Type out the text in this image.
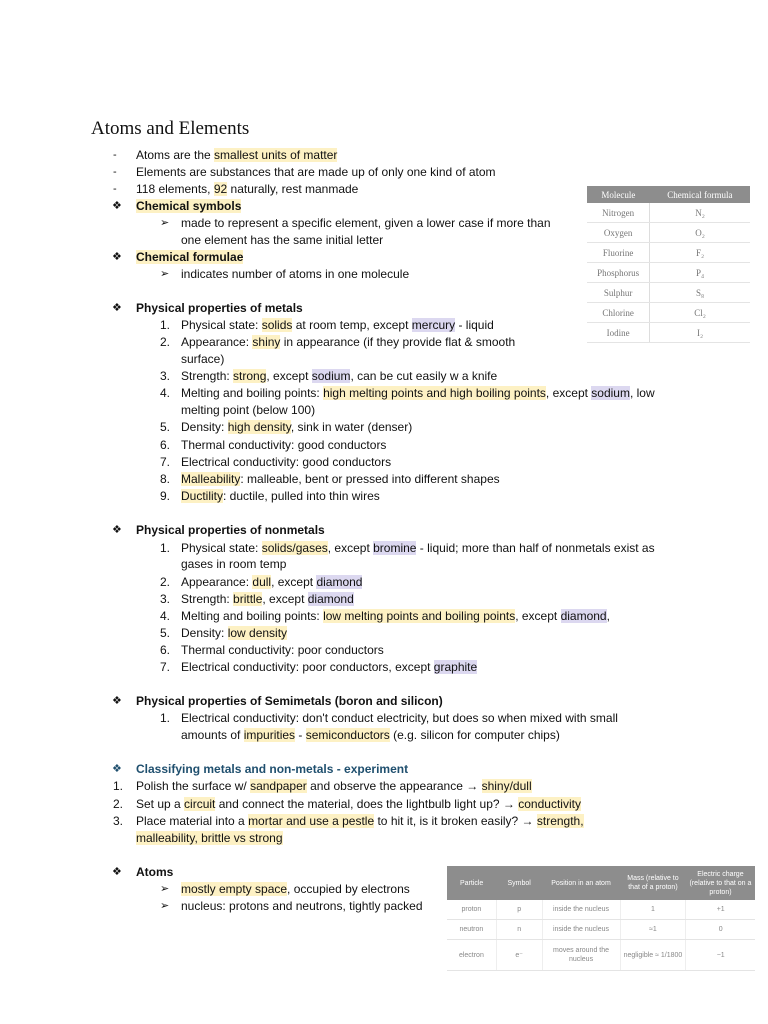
Atoms and Elements
- Atoms are the smallest units of matter
- Elements are substances that are made up of only one kind of atom
- 118 elements, 92 naturally, rest manmade
❖ Chemical symbols
➢ made to represent a specific element, given a lower case if more than
one element has the same initial letter
❖ Chemical formulae
➢ indicates number of atoms in one molecule
❖ Physical properties of metals
1. Physical state: solids at room temp, except mercury - liquid
2. Appearance: shiny in appearance (if they provide flat & smooth
surface)
3. Strength: strong, except sodium, can be cut easily w a knife
4. Melting and boiling points: high melting points and high boiling points, except sodium, low
melting point (below 100)
5. Density: high density, sink in water (denser)
6. Thermal conductivity: good conductors
7. Electrical conductivity: good conductors
8. Malleability: malleable, bent or pressed into different shapes
9. Ductility: ductile, pulled into thin wires
❖ Physical properties of nonmetals
1. Physical state: solids/gases, except bromine - liquid; more than half of nonmetals exist as
gases in room temp
2. Appearance: dull, except diamond
3. Strength: brittle, except diamond
4. Melting and boiling points: low melting points and boiling points, except diamond,
5. Density: low density
6. Thermal conductivity: poor conductors
7. Electrical conductivity: poor conductors, except graphite
❖ Physical properties of Semimetals (boron and silicon)
1. Electrical conductivity: don't conduct electricity, but does so when mixed with small
amounts of impurities - semiconductors (e.g. silicon for computer chips)
❖ Classifying metals and non-metals - experiment
1. Polish the surface w/ sandpaper and observe the appearance → shiny/dull
2. Set up a circuit and connect the material, does the lightbulb light up? → conductivity
3. Place material into a mortar and use a pestle to hit it, is it broken easily? → strength,
malleability, brittle vs strong
❖ Atoms
➢ mostly empty space, occupied by electrons
➢ nucleus: protons and neutrons, tightly packed
Molecule	Chemical formula
Nitrogen	N₂
Oxygen	O₂
Fluorine	F₂
Phosphorus	P₄
Sulphur	S₈
Chlorine	Cl₂
Iodine	I₂
Particle	Symbol	Position in an atom	Mass (relative to that of a proton)	Electric charge (relative to that on a proton)
proton	p	inside the nucleus	1	+1
neutron	n	inside the nucleus	≈1	0
electron	e⁻	moves around the nucleus	negligible ≈ 1/1800	−1
